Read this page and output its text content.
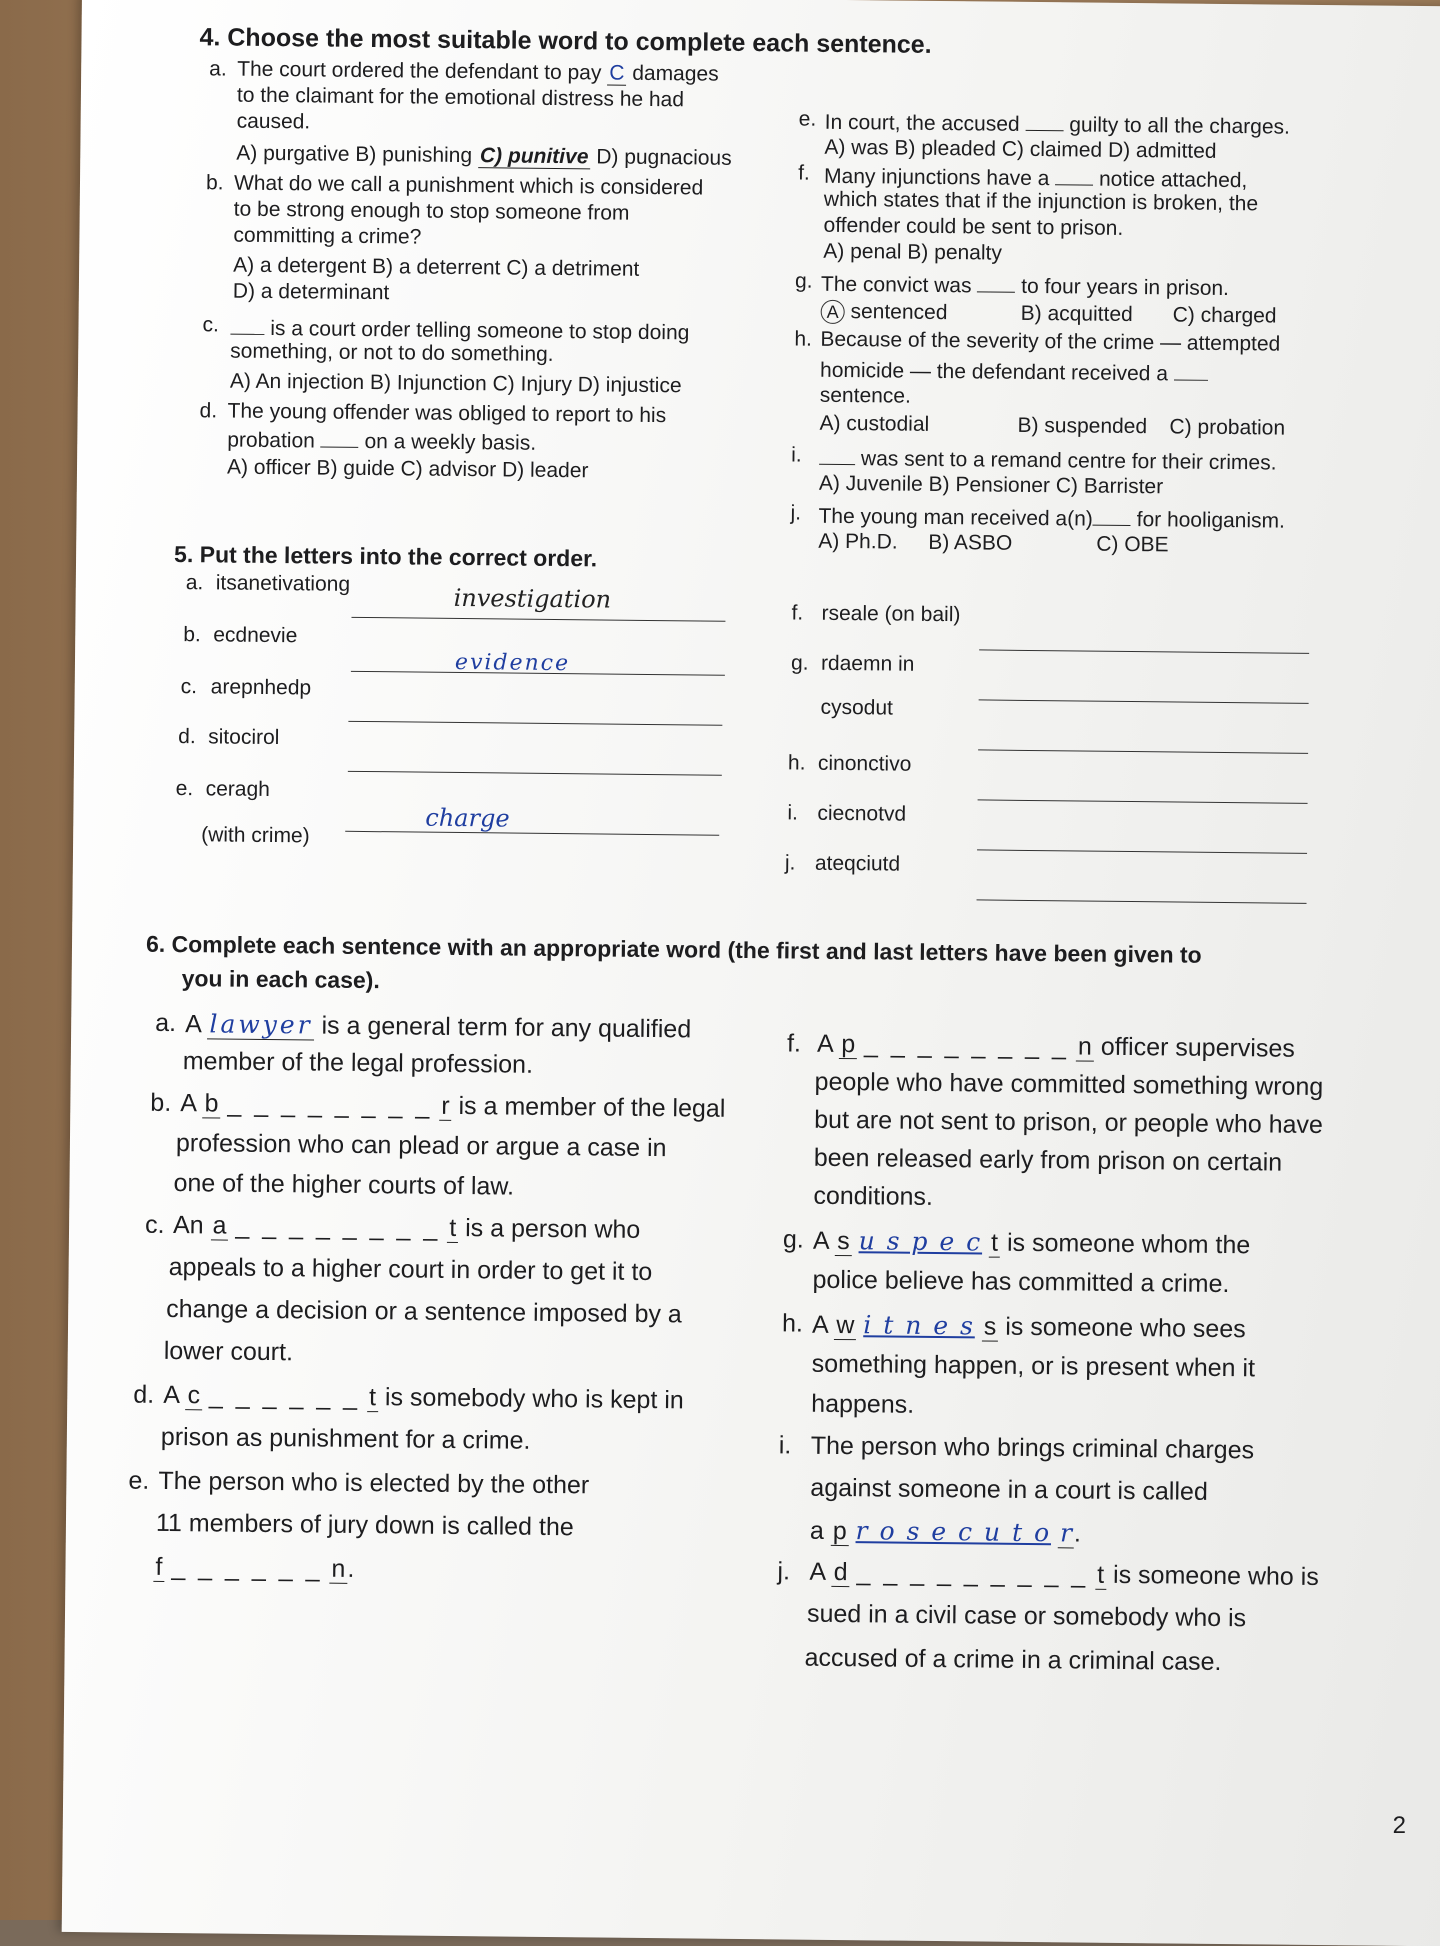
4. Choose the most suitable word to complete each sentence.
a. The court ordered the defendant to pay C damages
to the claimant for the emotional distress he had
caused.
A) purgative B) punishing C) punitive D) pugnacious
b. What do we call a punishment which is considered
to be strong enough to stop someone from
committing a crime?
A) a detergent B) a deterrent C) a detriment
D) a determinant
c.	is a court order telling someone to stop doing
something, or not to do something.
A) An injection B) Injunction C) Injury D) injustice
d. The young offender was obliged to report to his
probation  on a weekly basis.
A) officer B) guide C) advisor D) leader
e. In court, the accused  guilty to all the charges.
A) was B) pleaded C) claimed D) admitted
f. Many injunctions have a  notice attached,
which states that if the injunction is broken, the
offender could be sent to prison.
A) penal B) penalty
g. The convict was  to four years in prison.
A sentenced	B) acquitted C) charged
h. Because of the severity of the crime — attempted
homicide — the defendant received a
sentence.
A) custodial	B) suspended C) probation
i.	was sent to a remand centre for their crimes.
A) Juvenile B) Pensioner C) Barrister
j. The young man received a(n) for hooliganism.
A) Ph.D. B) ASBO	C) OBE
5. Put the letters into the correct order.
a. itsanetivationg
investigation
b. ecdnevie
evidence
c. arepnhedp
d. sitocirol
e. ceragh
(with crime)
charge
f. rseale (on bail)
g. rdaemn in
cysodut
h. cinonctivo
i. ciecnotvd
j. ateqciutd
6. Complete each sentence with an appropriate word (the first and last letters have been given to
you in each case).
a. A lawyer is a general term for any qualified
member of the legal profession.
b. A b _ _ _ _ _ _ _ _ r is a member of the legal
profession who can plead or argue a case in
one of the higher courts of law.
c. An a _ _ _ _ _ _ _ _ t is a person who
appeals to a higher court in order to get it to
change a decision or a sentence imposed by a
lower court.
d. A c _ _ _ _ _ _ t is somebody who is kept in
prison as punishment for a crime.
e. The person who is elected by the other
11 members of jury down is called the
f _ _ _ _ _ _ n.
f. A p _ _ _ _ _ _ _ _ n officer supervises
people who have committed something wrong
but are not sent to prison, or people who have
been released early from prison on certain
conditions.
g. A s u s p e c t is someone whom the
police believe has committed a crime.
h. A w i t n e s s is someone who sees
something happen, or is present when it
happens.
i. The person who brings criminal charges
against someone in a court is called
a p r o s e c u t o r.
j. A d _ _ _ _ _ _ _ _ _ t is someone who is
sued in a civil case or somebody who is
accused of a crime in a criminal case.
2
